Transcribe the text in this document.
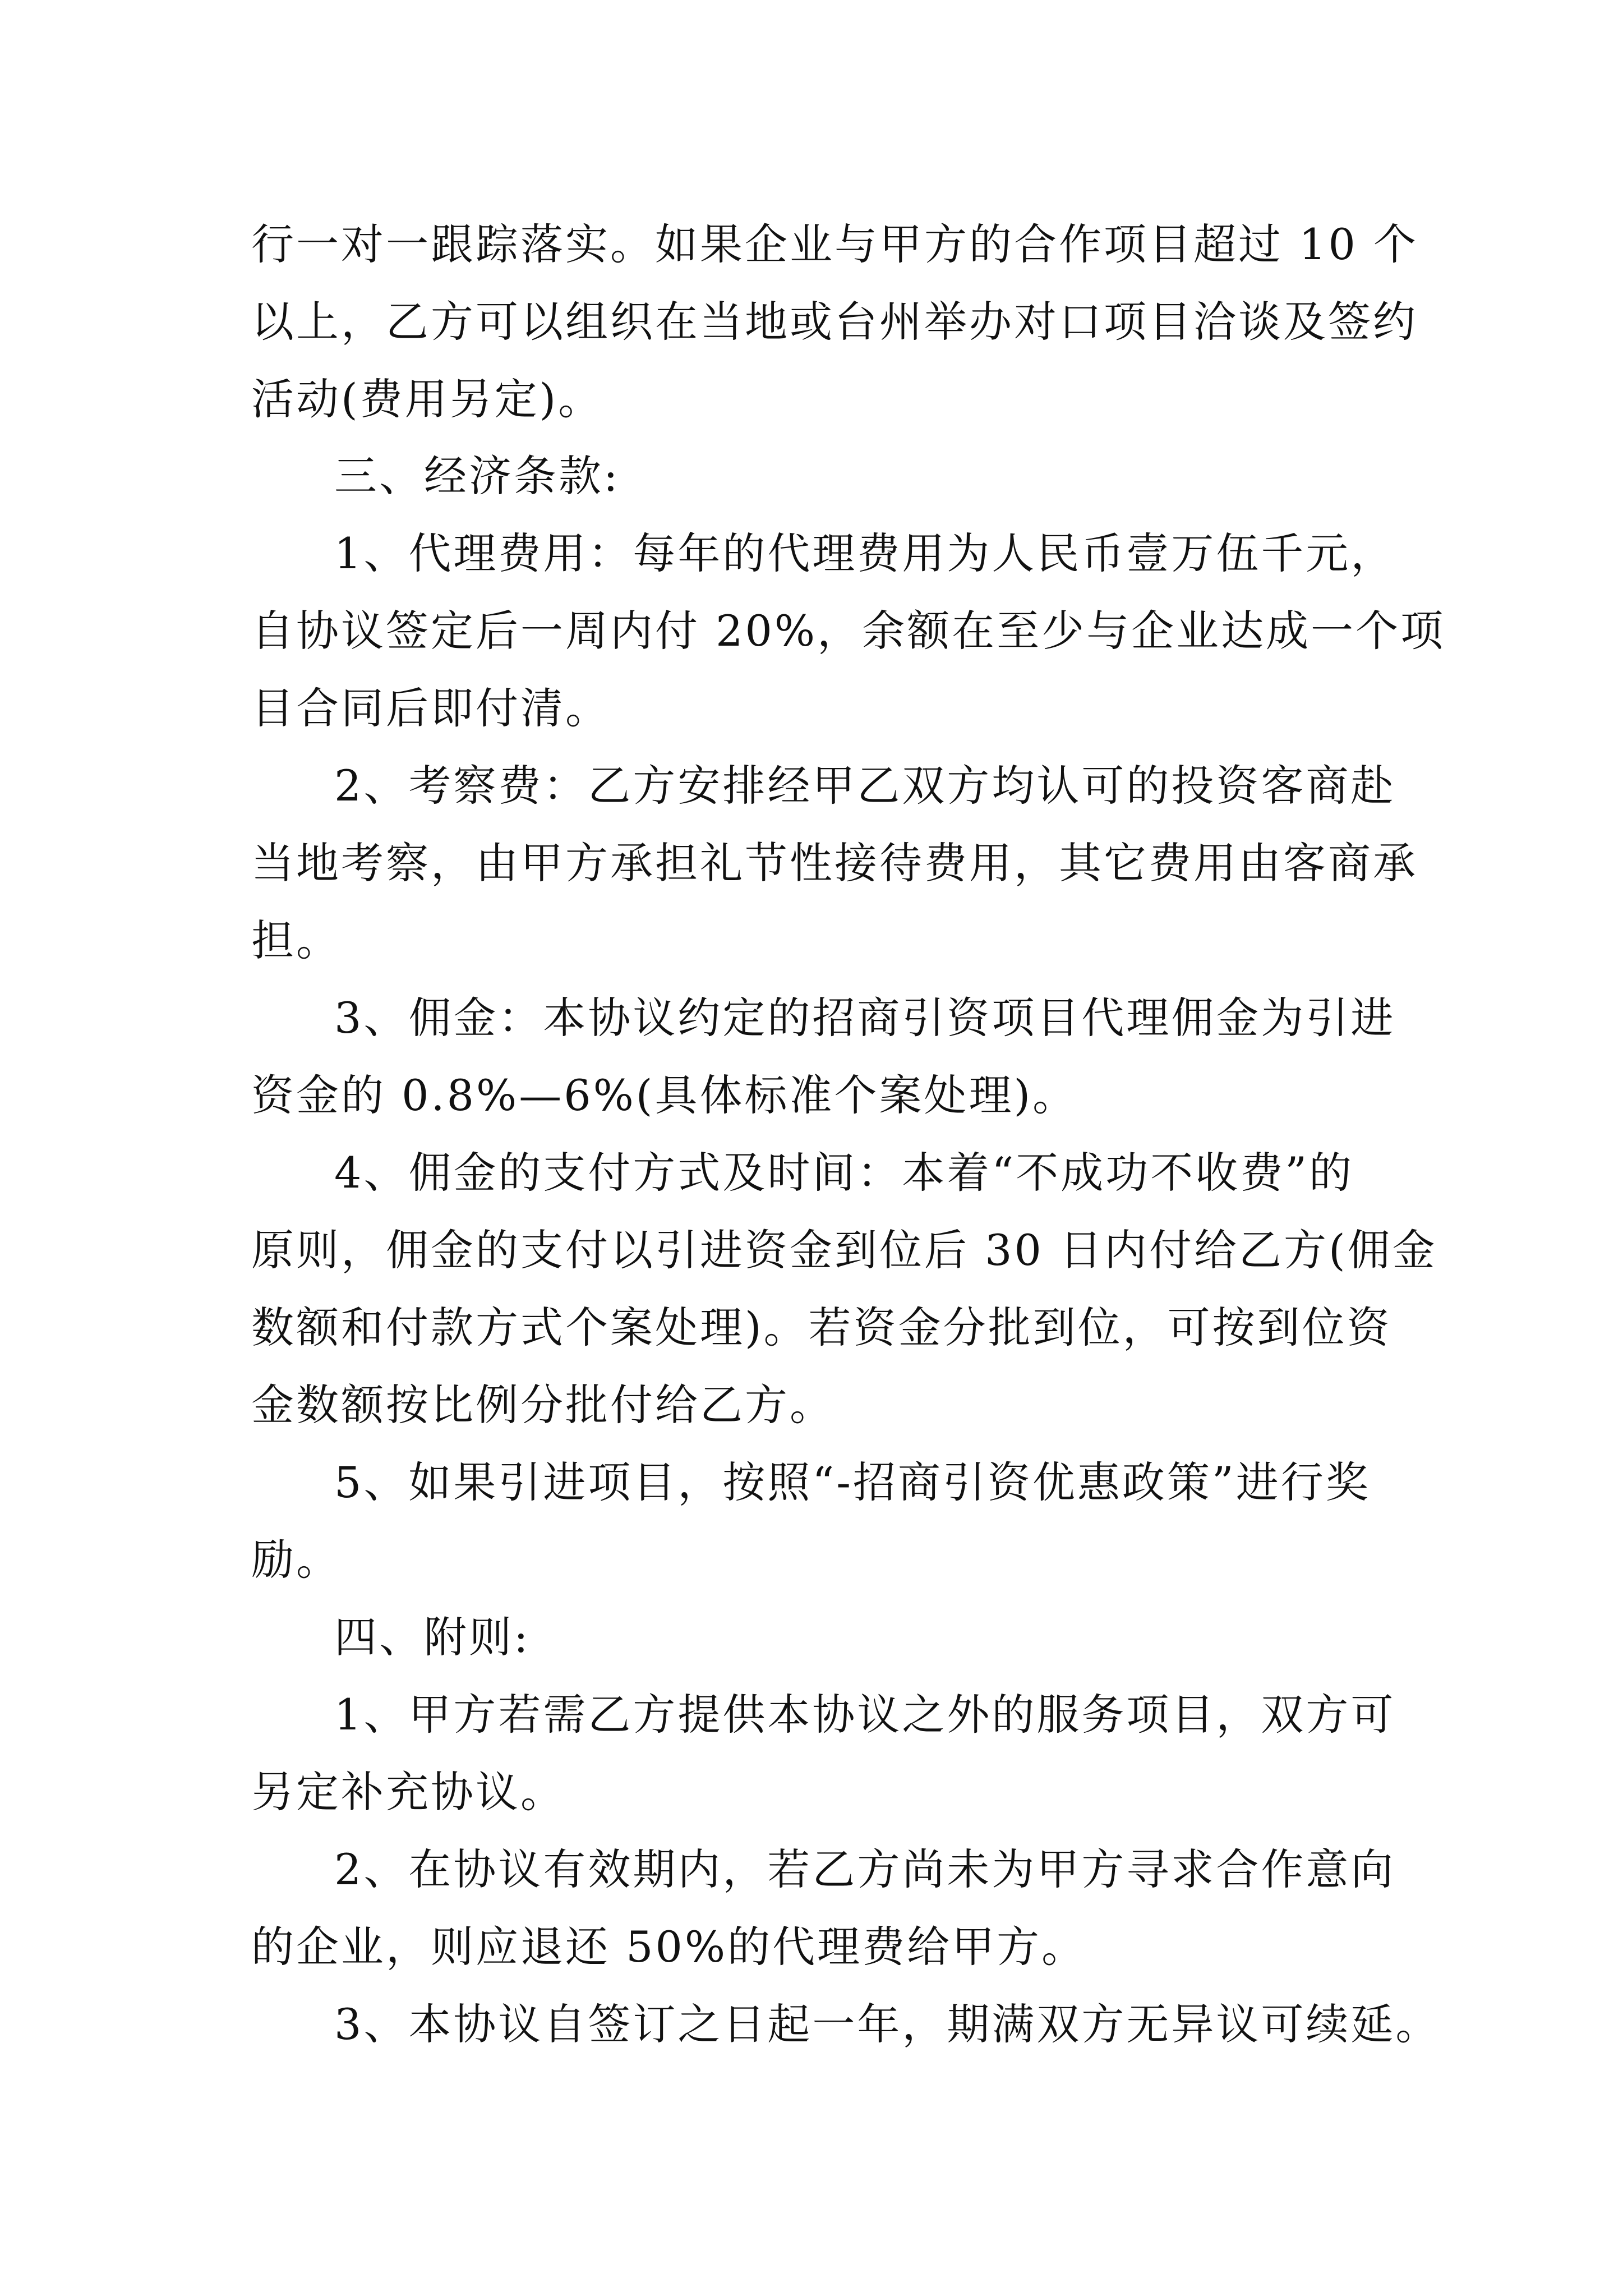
行一对一跟踪落实。如果企业与甲方的合作项目超过 10 个
以上，乙方可以组织在当地或台州举办对口项目洽谈及签约
活动(费用另定)。
三、经济条款:
1、代理费用：每年的代理费用为人民币壹万伍千元，
自协议签定后一周内付 20%，余额在至少与企业达成一个项
目合同后即付清。
2、考察费：乙方安排经甲乙双方均认可的投资客商赴
当地考察，由甲方承担礼节性接待费用，其它费用由客商承
担。
3、佣金：本协议约定的招商引资项目代理佣金为引进
资金的 0.8%—6%(具体标准个案处理)。
4、佣金的支付方式及时间：本着“不成功不收费”的
原则，佣金的支付以引进资金到位后 30 日内付给乙方(佣金
数额和付款方式个案处理)。若资金分批到位，可按到位资
金数额按比例分批付给乙方。
5、如果引进项目，按照“-招商引资优惠政策”进行奖
励。
四、附则:
1、甲方若需乙方提供本协议之外的服务项目，双方可
另定补充协议。
2、在协议有效期内，若乙方尚未为甲方寻求合作意向
的企业，则应退还 50%的代理费给甲方。
3、本协议自签订之日起一年，期满双方无异议可续延。
